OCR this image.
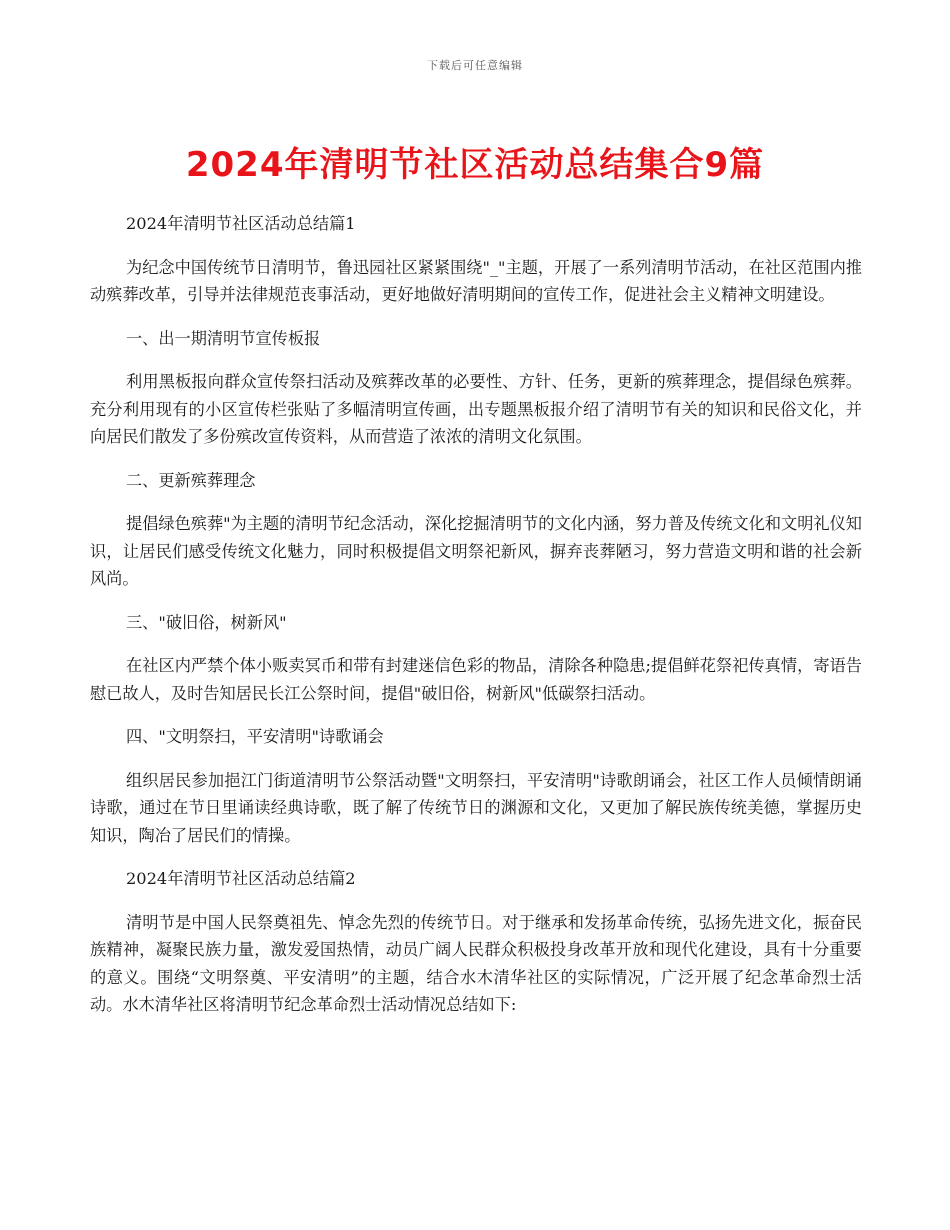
下载后可任意编辑
2024年清明节社区活动总结集合9篇

2024年清明节社区活动总结篇1

为纪念中国传统节日清明节，鲁迅园社区紧紧围绕"_"主题，开展了一系列清明节活动，在社区范围内推动殡葬改革，引导并法律规范丧事活动，更好地做好清明期间的宣传工作，促进社会主义精神文明建设。

一、出一期清明节宣传板报

利用黑板报向群众宣传祭扫活动及殡葬改革的必要性、方针、任务，更新的殡葬理念，提倡绿色殡葬。充分利用现有的小区宣传栏张贴了多幅清明宣传画，出专题黑板报介绍了清明节有关的知识和民俗文化，并向居民们散发了多份殡改宣传资料，从而营造了浓浓的清明文化氛围。

二、更新殡葬理念

提倡绿色殡葬"为主题的清明节纪念活动，深化挖掘清明节的文化内涵，努力普及传统文化和文明礼仪知识，让居民们感受传统文化魅力，同时积极提倡文明祭祀新风，摒弃丧葬陋习，努力营造文明和谐的社会新风尚。

三、"破旧俗，树新风"

在社区内严禁个体小贩卖冥币和带有封建迷信色彩的物品，清除各种隐患;提倡鲜花祭祀传真情，寄语告慰已故人，及时告知居民长江公祭时间，提倡"破旧俗，树新风"低碳祭扫活动。

四、"文明祭扫，平安清明"诗歌诵会

组织居民参加挹江门街道清明节公祭活动暨"文明祭扫，平安清明"诗歌朗诵会，社区工作人员倾情朗诵诗歌，通过在节日里诵读经典诗歌，既了解了传统节日的渊源和文化，又更加了解民族传统美德，掌握历史知识，陶冶了居民们的情操。

2024年清明节社区活动总结篇2

清明节是中国人民祭奠祖先、悼念先烈的传统节日。对于继承和发扬革命传统，弘扬先进文化，振奋民族精神，凝聚民族力量，激发爱国热情，动员广阔人民群众积极投身改革开放和现代化建设，具有十分重要的意义。围绕“文明祭奠、平安清明”的主题，结合水木清华社区的实际情况，广泛开展了纪念革命烈士活动。水木清华社区将清明节纪念革命烈士活动情况总结如下:
